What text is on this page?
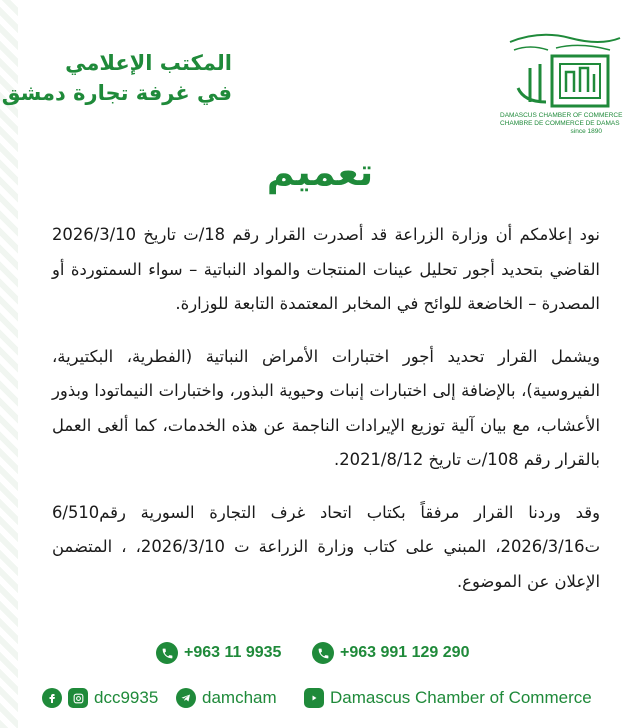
المكتب الإعلامي
في غرفة تجارة دمشق
DAMASCUS CHAMBER OF COMMERCE
CHAMBRE DE COMMERCE DE DAMAS
since 1890
تعميم

نود إعلامكم أن وزارة الزراعة قد أصدرت القرار رقم 18/ت تاريخ 2026/3/10 القاضي بتحديد أجور تحليل عينات المنتجات والمواد النباتية – سواء السمتوردة أو المصدرة – الخاضعة للوائح في المخابر المعتمدة التابعة للوزارة.

ويشمل القرار تحديد أجور اختبارات الأمراض النباتية (الفطرية، البكتيرية، الفيروسية)، بالإضافة إلى اختبارات إنبات وحيوية البذور، واختبارات النيماتودا وبذور الأعشاب، مع بيان آلية توزيع الإيرادات الناجمة عن هذه الخدمات، كما ألغى العمل بالقرار رقم 108/ت تاريخ 2021/8/12.

وقد وردنا القرار مرفقاً بكتاب اتحاد غرف التجارة السورية رقم6/510 ت2026/3/16، المبني على كتاب وزارة الزراعة ت 2026/3/10، ، المتضمن الإعلان عن الموضوع.

+963 991 129 290
+963 11 9935
dcc9935	damcham	Damascus Chamber of Commerce
